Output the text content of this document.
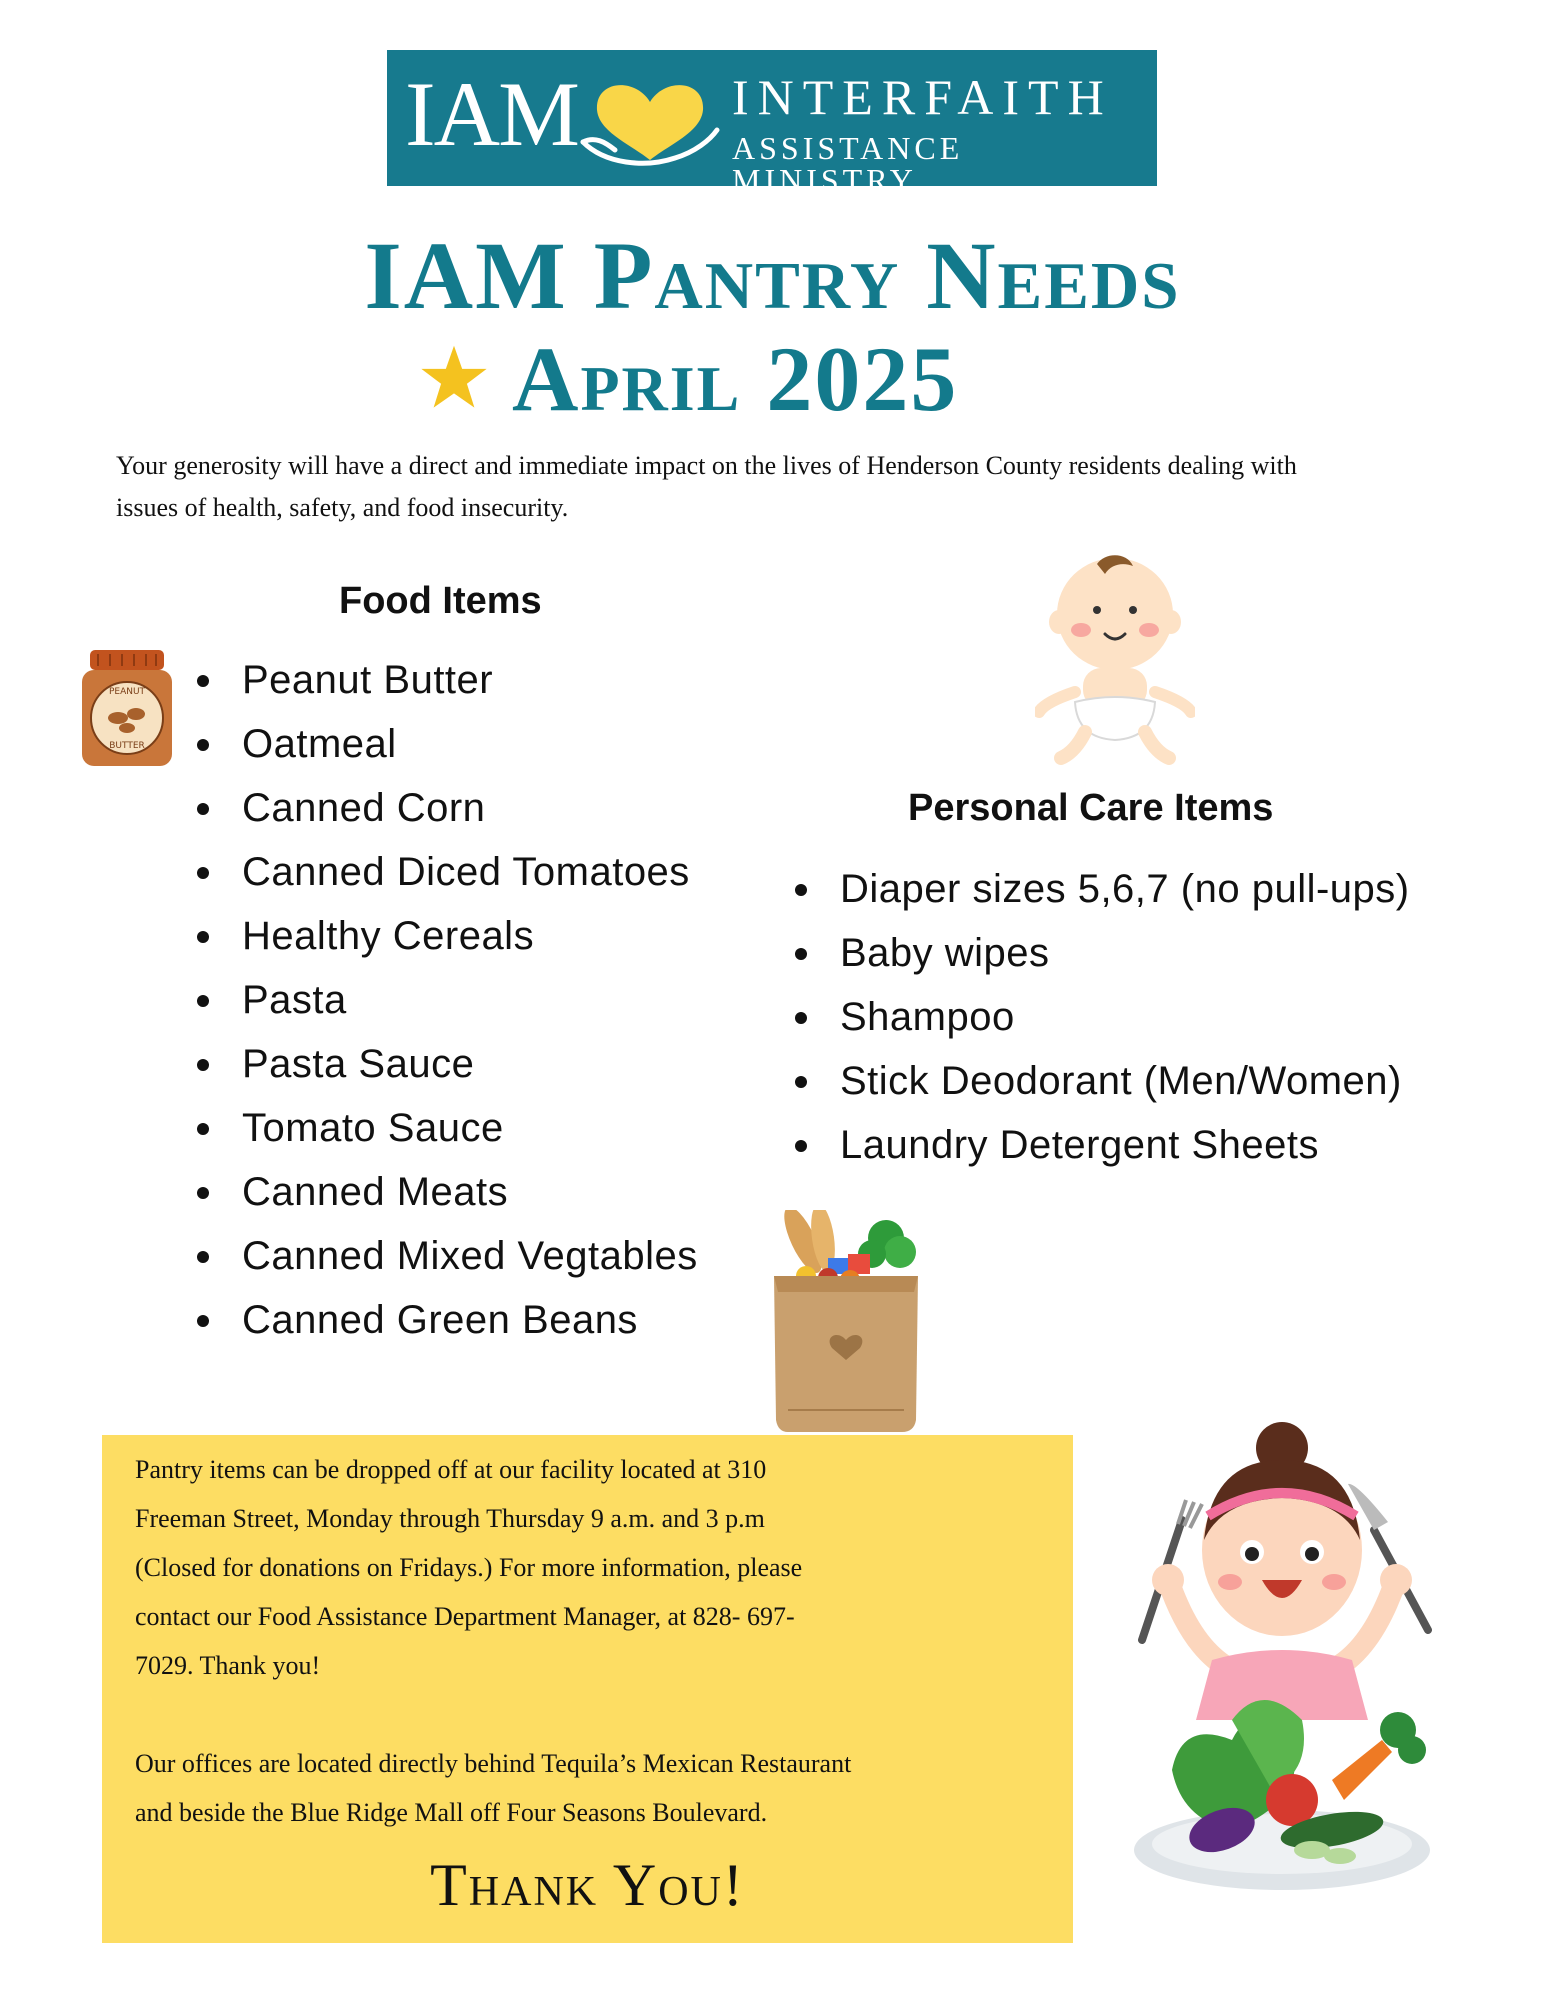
IAM	INTERFAITH
ASSISTANCE MINISTRY
IAM Pantry Needs
April 2025

Your generosity will have a direct and immediate impact on the lives of Henderson County residents dealing with issues of health, safety, and food insecurity.

PEANUT
BUTTER
Food Items
Peanut Butter
Oatmeal
Canned Corn
Canned Diced Tomatoes
Healthy Cereals
Pasta
Pasta Sauce
Tomato Sauce
Canned Meats
Canned Mixed Vegtables
Canned Green Beans
Personal Care Items
Diaper sizes 5,6,7 (no pull-ups)
Baby wipes
Shampoo
Stick Deodorant (Men/Women)
Laundry Detergent Sheets
Pantry items can be dropped off at our facility located at 310
Freeman Street, Monday through Thursday 9 a.m. and 3 p.m
(Closed for donations on Fridays.) For more information, please
contact our Food Assistance Department Manager, at 828- 697-
7029. Thank you!
Our offices are located directly behind Tequila’s Mexican Restaurant
and beside the Blue Ridge Mall off Four Seasons Boulevard.
Thank You!
